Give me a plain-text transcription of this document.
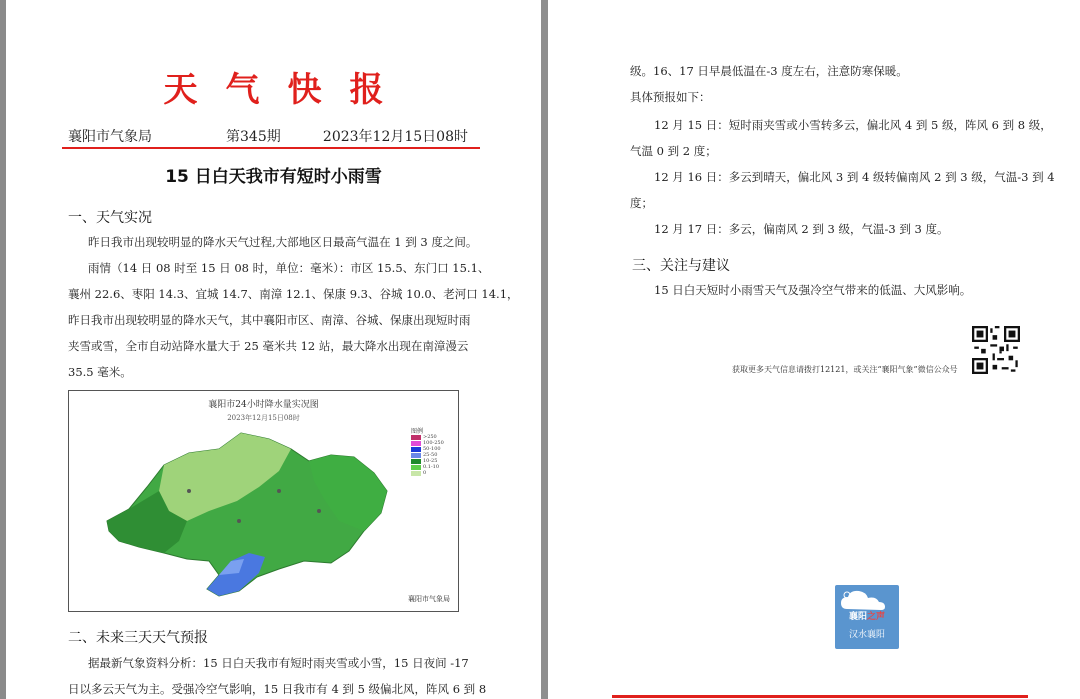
天气快报
襄阳市气象局	第345期	2023年12月15日08时
15 日白天我市有短时小雨雪
一、天气实况
昨日我市出现较明显的降水天气过程,大部地区日最高气温在 1 到 3 度之间。
雨情（14 日 08 时至 15 日 08 时，单位：毫米）：市区 15.5、东门口 15.1、
襄州 22.6、枣阳 14.3、宜城 14.7、南漳 12.1、保康 9.3、谷城 10.0、老河口 14.1，
昨日我市出现较明显的降水天气，其中襄阳市区、南漳、谷城、保康出现短时雨
夹雪或雪，全市自动站降水量大于 25 毫米共 12 站，最大降水出现在南漳漫云
35.5 毫米。
襄阳市24小时降水量实况图
2023年12月15日08时
图例
>250
100-250
50-100
25-50
10-25
0.1-10
0
襄阳市气象局
二、未来三天天气预报
据最新气象资料分析：15 日白天我市有短时雨夹雪或小雪，15 日夜间 -17
日以多云天气为主。受强冷空气影响，15 日我市有 4 到 5 级偏北风，阵风 6 到 8
级。16、17 日早晨低温在-3 度左右，注意防寒保暖。
具体预报如下：
12 月 15 日：短时雨夹雪或小雪转多云，偏北风 4 到 5 级，阵风 6 到 8 级，
气温 0 到 2 度；
12 月 16 日：多云到晴天，偏北风 3 到 4 级转偏南风 2 到 3 级，气温-3 到 4
度；
12 月 17 日：多云，偏南风 2 到 3 级，气温-3 到 3 度。
三、关注与建议
15 日白天短时小雨雪天气及强冷空气带来的低温、大风影响。
获取更多天气信息请拨打12121，或关注“襄阳气象”微信公众号
襄阳之声
汉水襄阳
